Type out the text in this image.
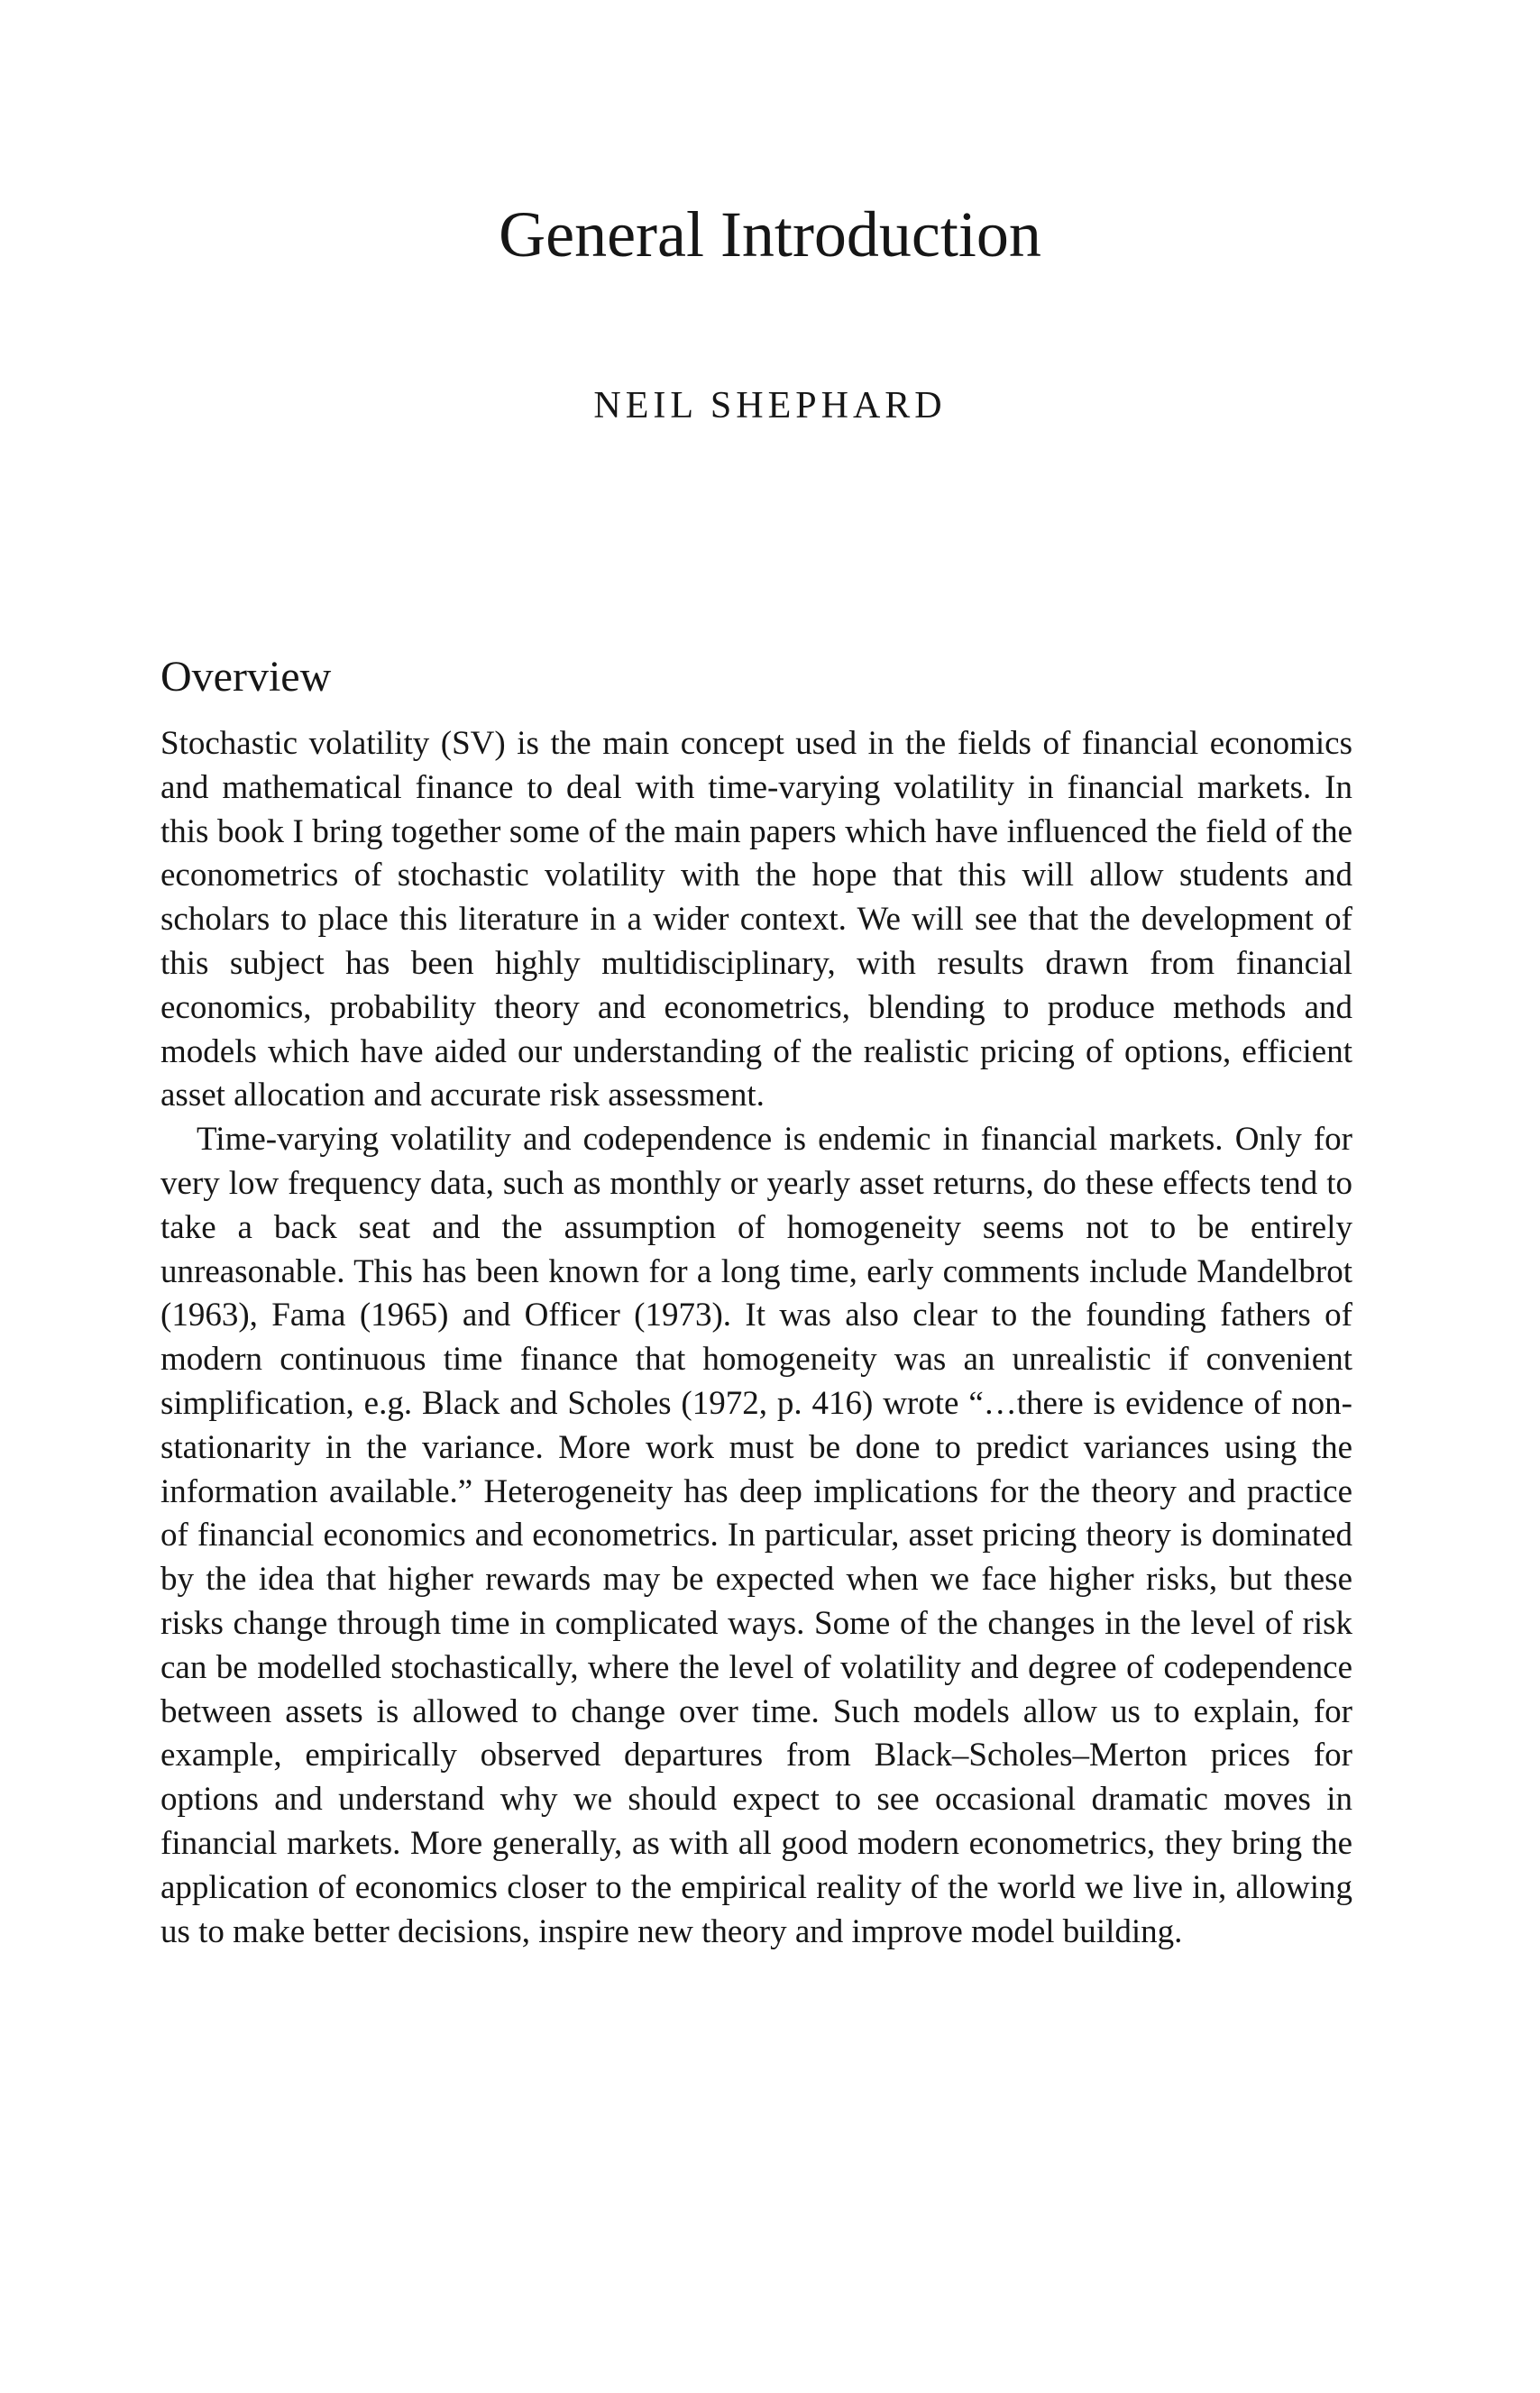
General Introduction
NEIL SHEPHARD
Overview

Stochastic volatility (SV) is the main concept used in the fields of financial economics and mathematical finance to deal with time-varying volatility in financial markets. In this book I bring together some of the main papers which have influenced the field of the econometrics of stochastic volatility with the hope that this will allow students and scholars to place this literature in a wider context. We will see that the development of this subject has been highly multidisciplinary, with results drawn from financial economics, probability theory and econometrics, blending to produce methods and models which have aided our understanding of the realistic pricing of options, efficient asset allocation and accurate risk assessment.

Time-varying volatility and codependence is endemic in financial markets. Only for very low frequency data, such as monthly or yearly asset returns, do these effects tend to take a back seat and the assumption of homogeneity seems not to be entirely unreasonable. This has been known for a long time, early comments include Mandelbrot (1963), Fama (1965) and Officer (1973). It was also clear to the founding fathers of modern continuous time finance that homogeneity was an unrealistic if convenient simplification, e.g. Black and Scholes (1972, p. 416) wrote “…there is evidence of non-stationarity in the variance. More work must be done to predict variances using the information available.” Heterogeneity has deep implications for the theory and practice of financial economics and econometrics. In particular, asset pricing theory is dominated by the idea that higher rewards may be expected when we face higher risks, but these risks change through time in complicated ways. Some of the changes in the level of risk can be modelled stochastically, where the level of volatility and degree of codependence between assets is allowed to change over time. Such models allow us to explain, for example, empirically observed departures from Black–Scholes–Merton prices for options and understand why we should expect to see occasional dramatic moves in financial markets. More generally, as with all good modern econometrics, they bring the application of economics closer to the empirical reality of the world we live in, allowing us to make better decisions, inspire new theory and improve model building.
